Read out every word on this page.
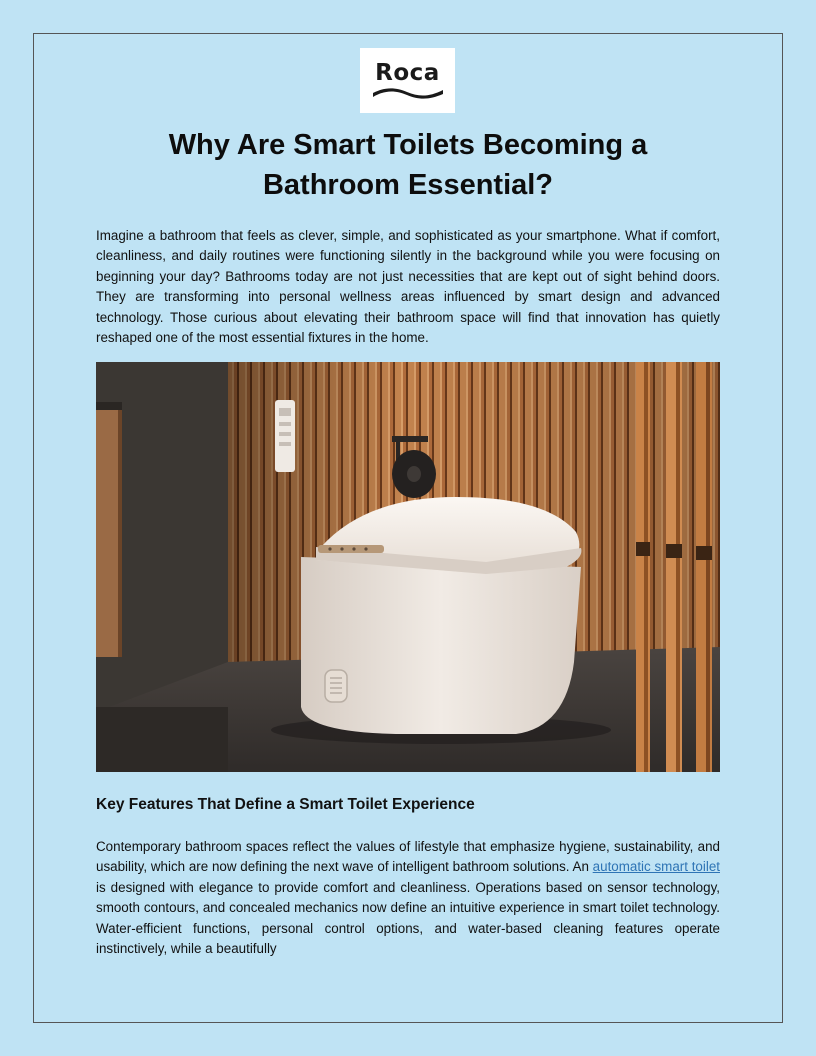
Roca
Why Are Smart Toilets Becoming a
Bathroom Essential?

Imagine a bathroom that feels as clever, simple, and sophisticated as your smartphone. What if comfort, cleanliness, and daily routines were functioning silently in the background while you were focusing on beginning your day? Bathrooms today are not just necessities that are kept out of sight behind doors. They are transforming into personal wellness areas influenced by smart design and advanced technology. Those curious about elevating their bathroom space will find that innovation has quietly reshaped one of the most essential fixtures in the home.

Key Features That Define a Smart Toilet Experience

Contemporary bathroom spaces reflect the values of lifestyle that emphasize hygiene, sustainability, and usability, which are now defining the next wave of intelligent bathroom solutions. An automatic smart toilet is designed with elegance to provide comfort and cleanliness. Operations based on sensor technology, smooth contours, and concealed mechanics now define an intuitive experience in smart toilet technology. Water-efficient functions, personal control options, and water-based cleaning features operate instinctively, while a beautifully
